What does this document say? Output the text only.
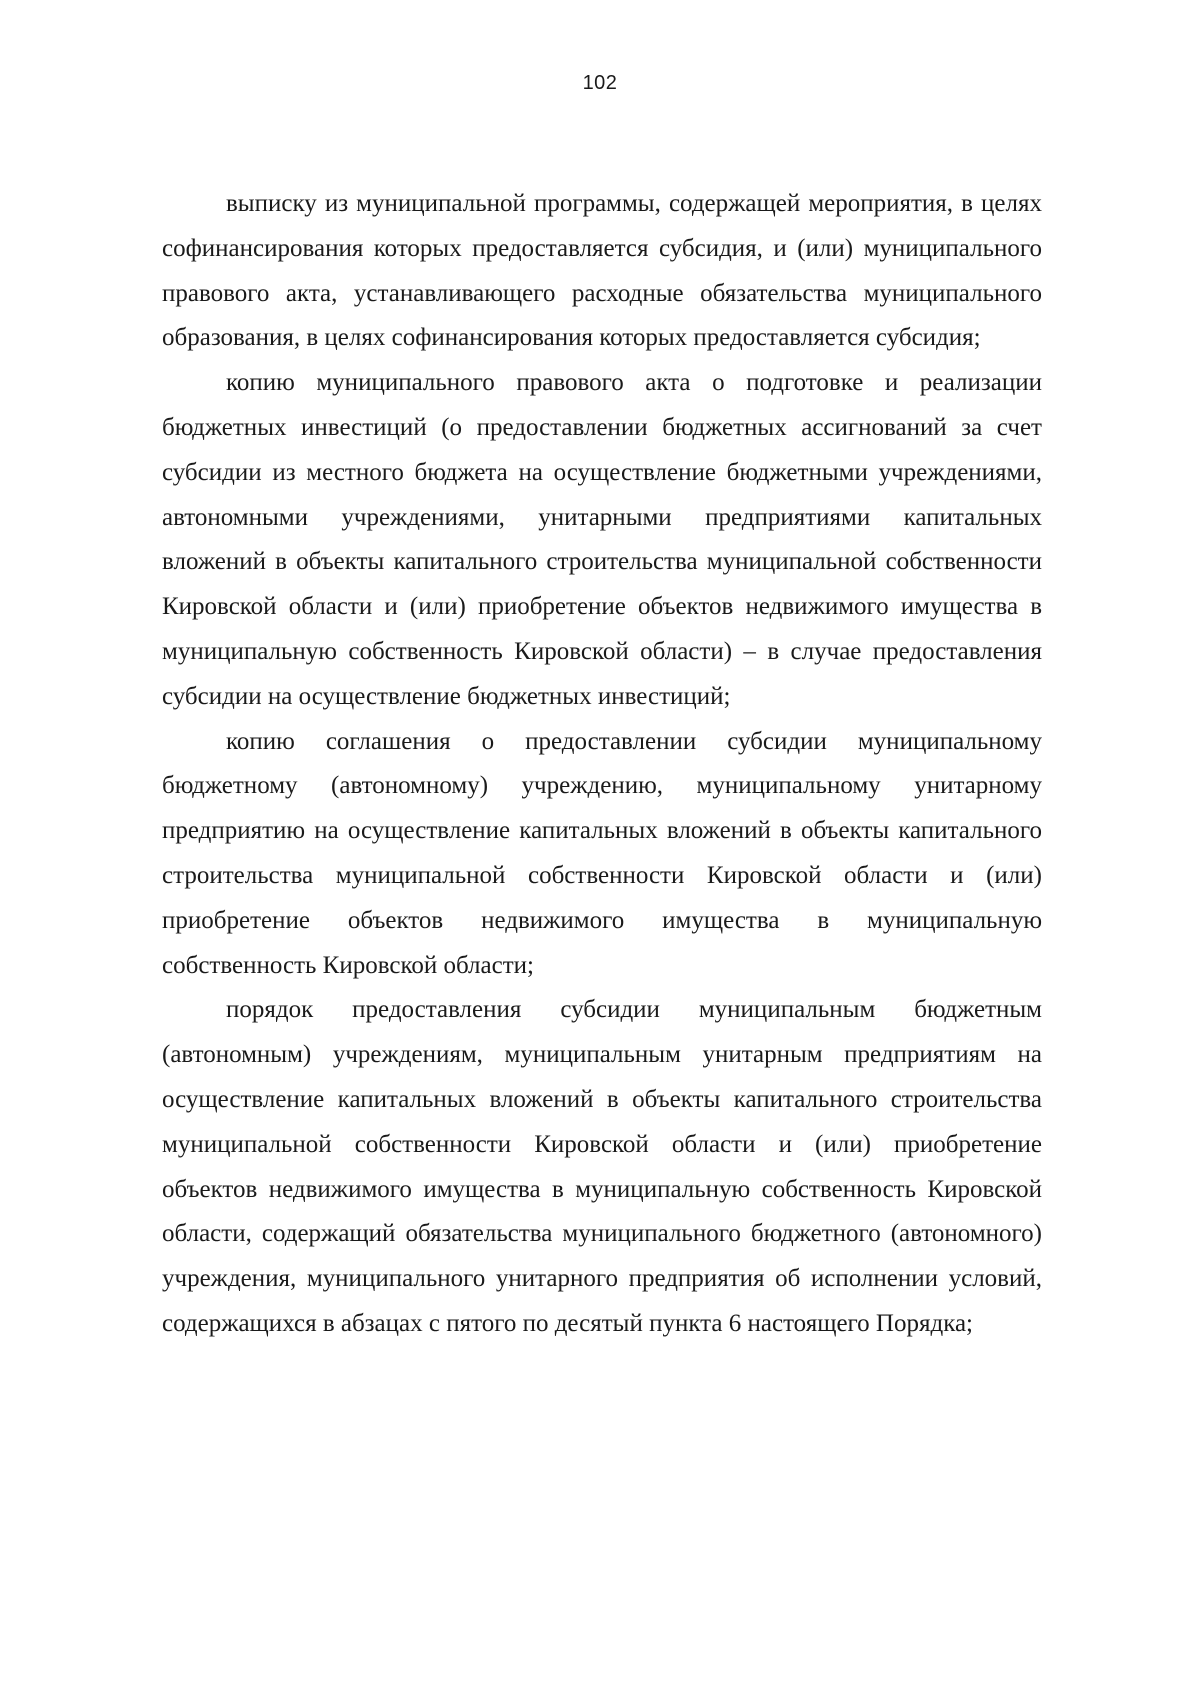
102

выписку из муниципальной программы, содержащей мероприятия, в целях софинансирования которых предоставляется субсидия, и (или) муниципального правового акта, устанавливающего расходные обязательства муниципального образования, в целях софинансирования которых предоставляется субсидия;

копию муниципального правового акта о подготовке и реализации бюджетных инвестиций (о предоставлении бюджетных ассигнований за счет субсидии из местного бюджета на осуществление бюджетными учреждениями, автономными учреждениями, унитарными предприятиями капитальных вложений в объекты капитального строительства муниципальной собственности Кировской области и (или) приобретение объектов недвижимого имущества в муниципальную собственность Кировской области) – в случае предоставления субсидии на осуществление бюджетных инвестиций;

копию соглашения о предоставлении субсидии муниципальному бюджетному (автономному) учреждению, муниципальному унитарному предприятию на осуществление капитальных вложений в объекты капитального строительства муниципальной собственности Кировской области и (или) приобретение объектов недвижимого имущества в муниципальную собственность Кировской области;

порядок предоставления субсидии муниципальным бюджетным (автономным) учреждениям, муниципальным унитарным предприятиям на осуществление капитальных вложений в объекты капитального строительства муниципальной собственности Кировской области и (или) приобретение объектов недвижимого имущества в муниципальную собственность Кировской области, содержащий обязательства муниципального бюджетного (автономного) учреждения, муниципального унитарного предприятия об исполнении условий, содержащихся в абзацах с пятого по десятый пункта 6 настоящего Порядка;
